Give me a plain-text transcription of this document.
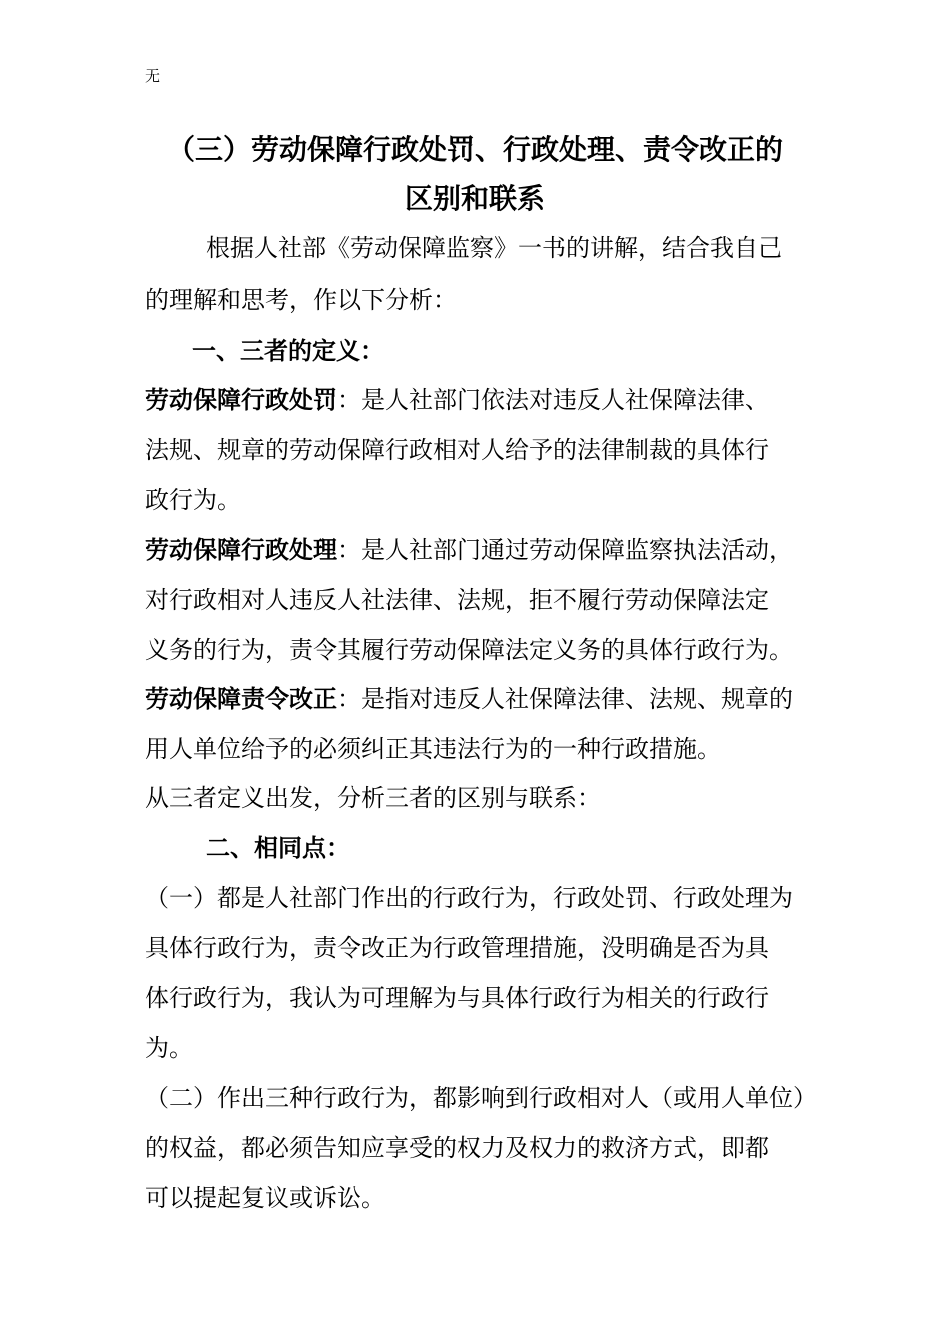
无
（三）劳动保障行政处罚、行政处理、责令改正的
区别和联系
根据人社部《劳动保障监察》一书的讲解，结合我自己
的理解和思考，作以下分析：
一、三者的定义：
劳动保障行政处罚：是人社部门依法对违反人社保障法律、
法规、规章的劳动保障行政相对人给予的法律制裁的具体行
政行为。
劳动保障行政处理：是人社部门通过劳动保障监察执法活动，
对行政相对人违反人社法律、法规，拒不履行劳动保障法定
义务的行为，责令其履行劳动保障法定义务的具体行政行为。
劳动保障责令改正：是指对违反人社保障法律、法规、规章的
用人单位给予的必须纠正其违法行为的一种行政措施。
从三者定义出发，分析三者的区别与联系：
二、相同点：
（一）都是人社部门作出的行政行为，行政处罚、行政处理为
具体行政行为，责令改正为行政管理措施，没明确是否为具
体行政行为，我认为可理解为与具体行政行为相关的行政行
为。
（二）作出三种行政行为，都影响到行政相对人（或用人单位）
的权益，都必须告知应享受的权力及权力的救济方式，即都
可以提起复议或诉讼。
